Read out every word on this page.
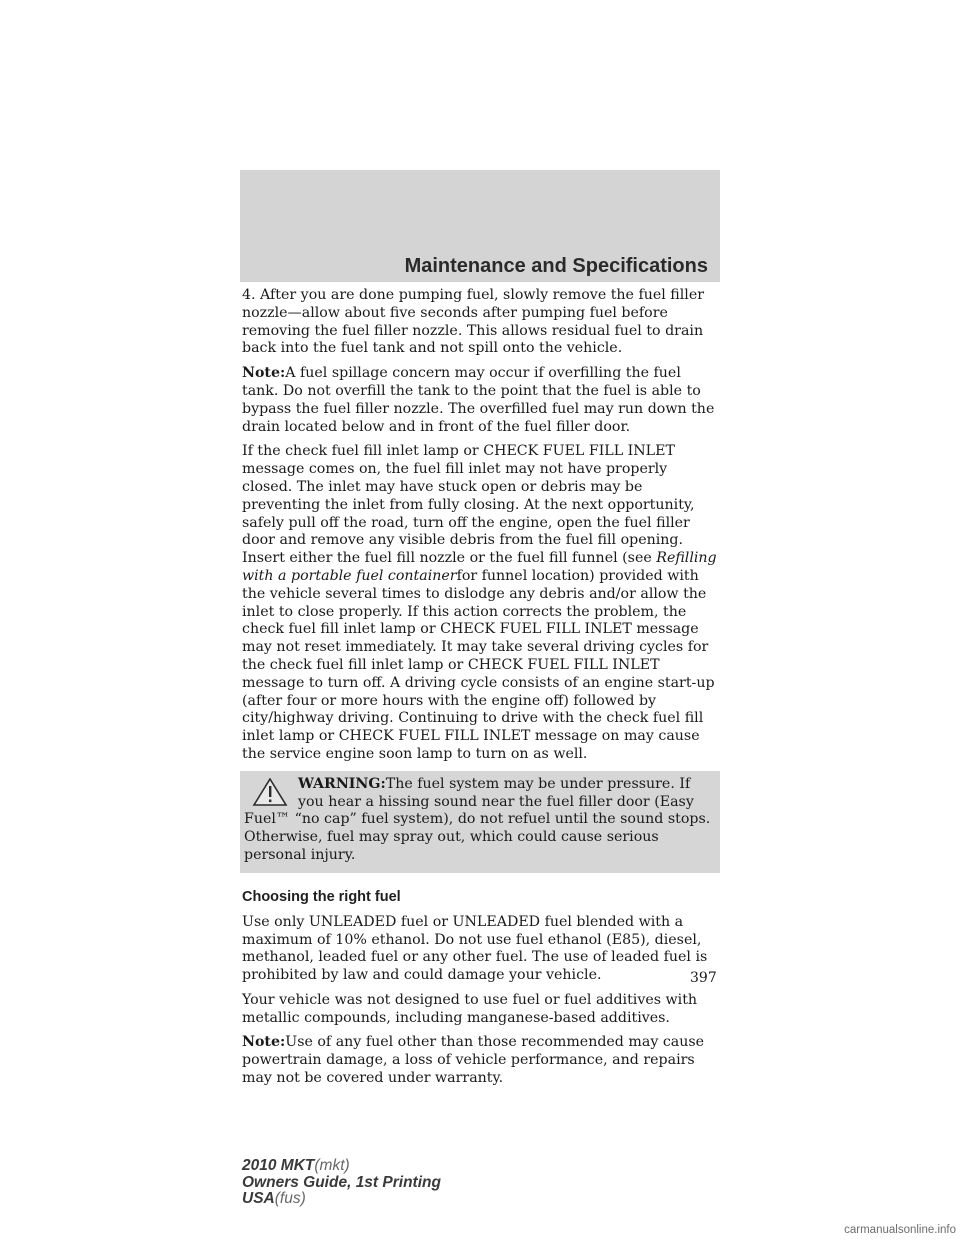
Maintenance and Specifications

4. After you are done pumping fuel, slowly remove the fuel filler nozzle—allow about five seconds after pumping fuel before removing the fuel filler nozzle. This allows residual fuel to drain back into the fuel tank and not spill onto the vehicle.

Note:A fuel spillage concern may occur if overfilling the fuel tank. Do not overfill the tank to the point that the fuel is able to bypass the fuel filler nozzle. The overfilled fuel may run down the drain located below and in front of the fuel filler door.

If the check fuel fill inlet lamp or CHECK FUEL FILL INLET message comes on, the fuel fill inlet may not have properly closed. The inlet may have stuck open or debris may be preventing the inlet from fully closing. At the next opportunity, safely pull off the road, turn off the engine, open the fuel filler door and remove any visible debris from the fuel fill opening. Insert either the fuel fill nozzle or the fuel fill funnel (see Refilling with a portable fuel containerfor funnel location) provided with the vehicle several times to dislodge any debris and/or allow the inlet to close properly. If this action corrects the problem, the check fuel fill inlet lamp or CHECK FUEL FILL INLET message may not reset immediately. It may take several driving cycles for the check fuel fill inlet lamp or CHECK FUEL FILL INLET message to turn off. A driving cycle consists of an engine start-up (after four or more hours with the engine off) followed by city/highway driving. Continuing to drive with the check fuel fill inlet lamp or CHECK FUEL FILL INLET message on may cause the service engine soon lamp to turn on as well.

WARNING:The fuel system may be under pressure. If you hear a hissing sound near the fuel filler door (Easy Fuel™ “no cap” fuel system), do not refuel until the sound stops. Otherwise, fuel may spray out, which could cause serious personal injury.

Choosing the right fuel

Use only UNLEADED fuel or UNLEADED fuel blended with a maximum of 10% ethanol. Do not use fuel ethanol (E85), diesel, methanol, leaded fuel or any other fuel. The use of leaded fuel is prohibited by law and could damage your vehicle.

Your vehicle was not designed to use fuel or fuel additives with metallic compounds, including manganese-based additives.

Note:Use of any fuel other than those recommended may cause powertrain damage, a loss of vehicle performance, and repairs may not be covered under warranty.

397
2010 MKT(mkt)
Owners Guide, 1st Printing
USA(fus)
carmanualsonline.info
